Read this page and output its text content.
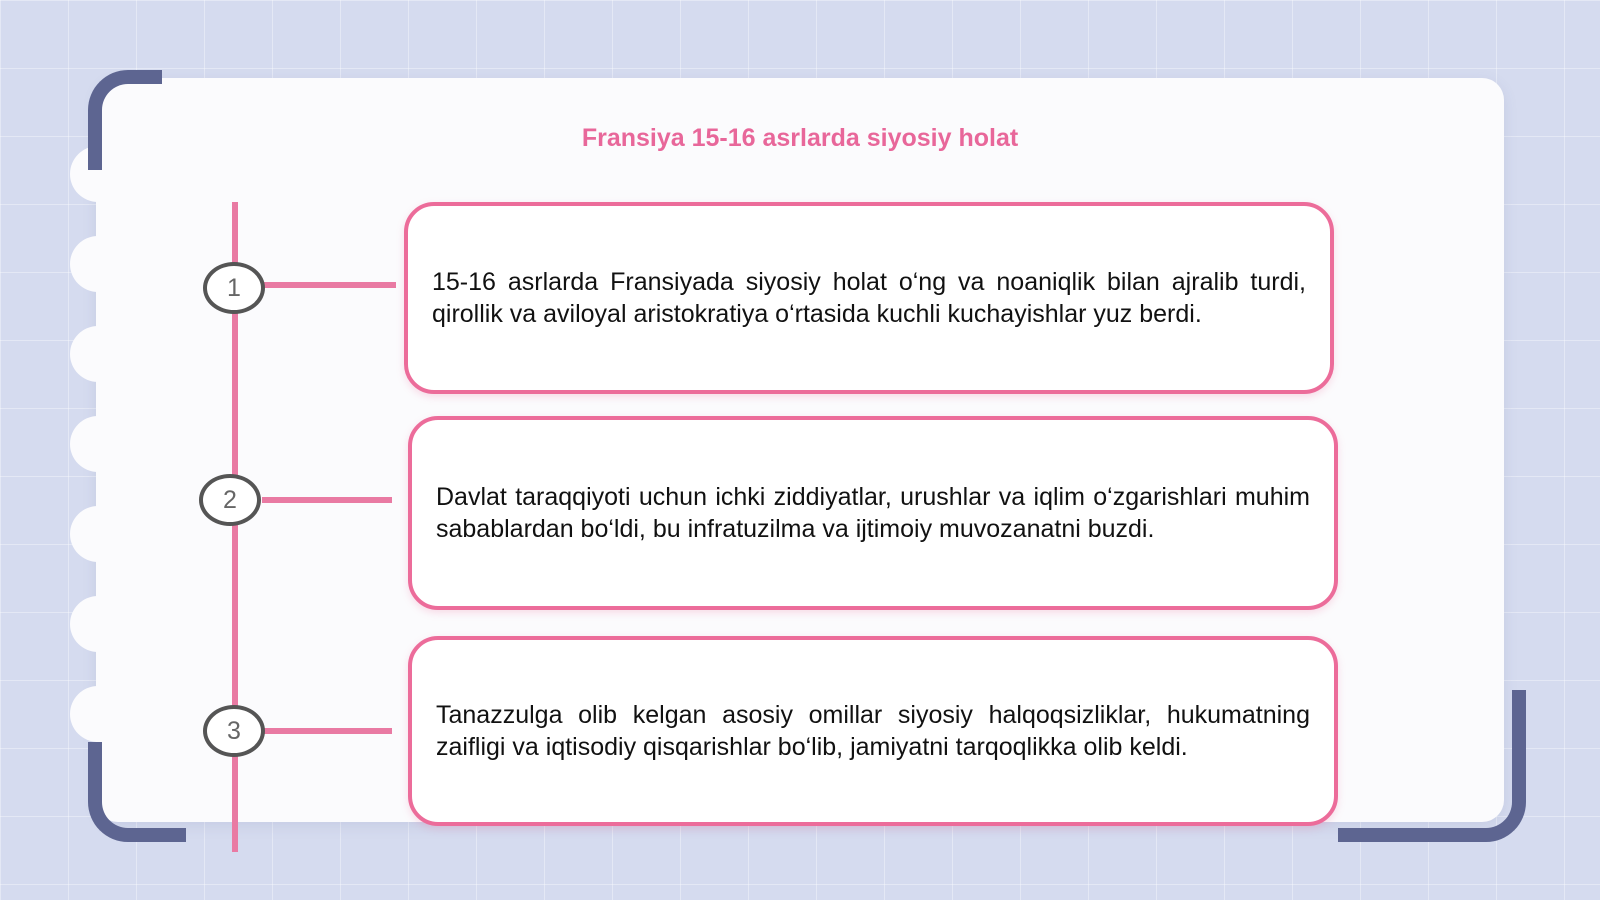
Fransiya 15-16 asrlarda siyosiy holat
1
2
3
15-16 asrlarda Fransiyada siyosiy holat o‘ng va noaniqlik bilan ajralib turdi, qirollik va aviloyal aristokratiya o‘rtasida kuchli kuchayishlar yuz berdi.
Davlat taraqqiyoti uchun ichki ziddiyatlar, urushlar va iqlim o‘zgarishlari muhim sabablardan bo‘ldi, bu infratuzilma va ijtimoiy muvozanatni buzdi.
Tanazzulga olib kelgan asosiy omillar siyosiy halqoqsizliklar, hukumatning zaifligi va iqtisodiy qisqarishlar bo‘lib, jamiyatni tarqoqlikka olib keldi.
